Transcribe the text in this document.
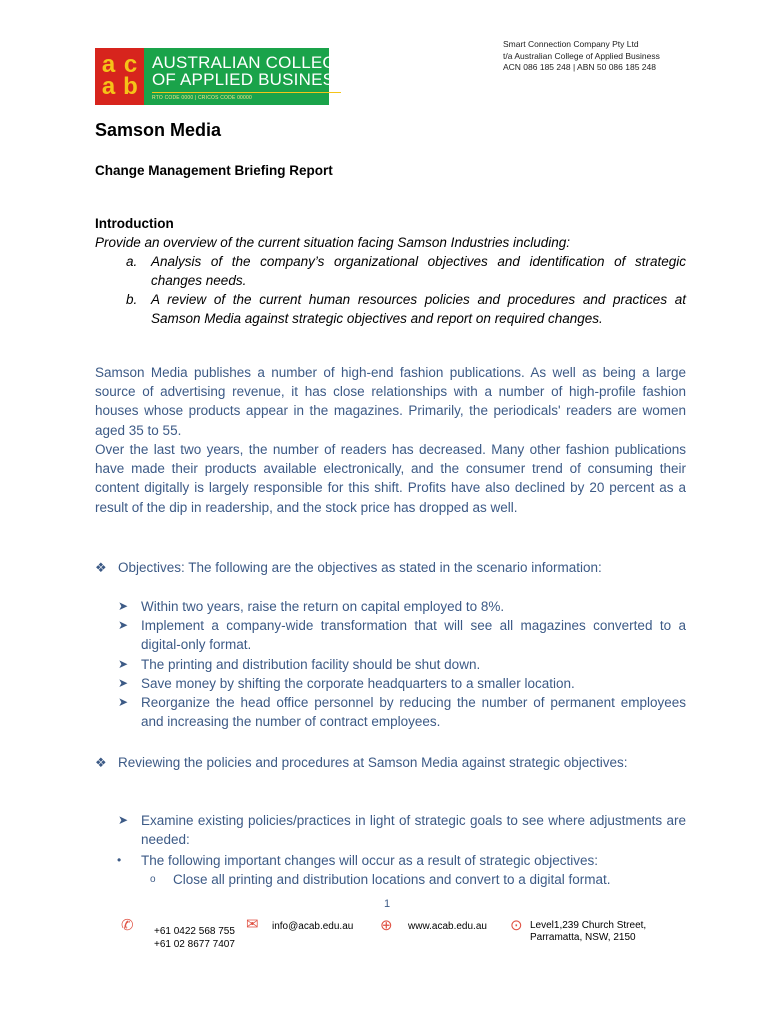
a c
a b
AUSTRALIAN COLLEGE
OF APPLIED BUSINESS
RTO CODE 0000 | CRICOS CODE 00000
Smart Connection Company Pty Ltd
t/a Australian College of Applied Business
ACN 086 185 248 | ABN 50 086 185 248
Samson Media
Change Management Briefing Report
Introduction
Provide an overview of the current situation facing Samson Industries including:
a. Analysis of the company’s organizational objectives and identification of strategic changes needs.
b. A review of the current human resources policies and procedures and practices at Samson Media against strategic objectives and report on required changes.
Samson Media publishes a number of high-end fashion publications. As well as being a large source of advertising revenue, it has close relationships with a number of high-profile fashion houses whose products appear in the magazines. Primarily, the periodicals' readers are women aged 35 to 55.
Over the last two years, the number of readers has decreased. Many other fashion publications have made their products available electronically, and the consumer trend of consuming their content digitally is largely responsible for this shift. Profits have also declined by 20 percent as a result of the dip in readership, and the stock price has dropped as well.
❖ Objectives: The following are the objectives as stated in the scenario information:
➤ Within two years, raise the return on capital employed to 8%.
➤ Implement a company-wide transformation that will see all magazines converted to a digital-only format.
➤ The printing and distribution facility should be shut down.
➤ Save money by shifting the corporate headquarters to a smaller location.
➤ Reorganize the head office personnel by reducing the number of permanent employees and increasing the number of contract employees.
❖ Reviewing the policies and procedures at Samson Media against strategic objectives:
➤ Examine existing policies/practices in light of strategic goals to see where adjustments are needed:
• The following important changes will occur as a result of strategic objectives:
o Close all printing and distribution locations and convert to a digital format.
1
✆ +61 0422 568 755
+61 02 8677 7407
✉ info@acab.edu.au ⊕ www.acab.edu.au ⊙ Level1,239 Church Street,
Parramatta, NSW, 2150
